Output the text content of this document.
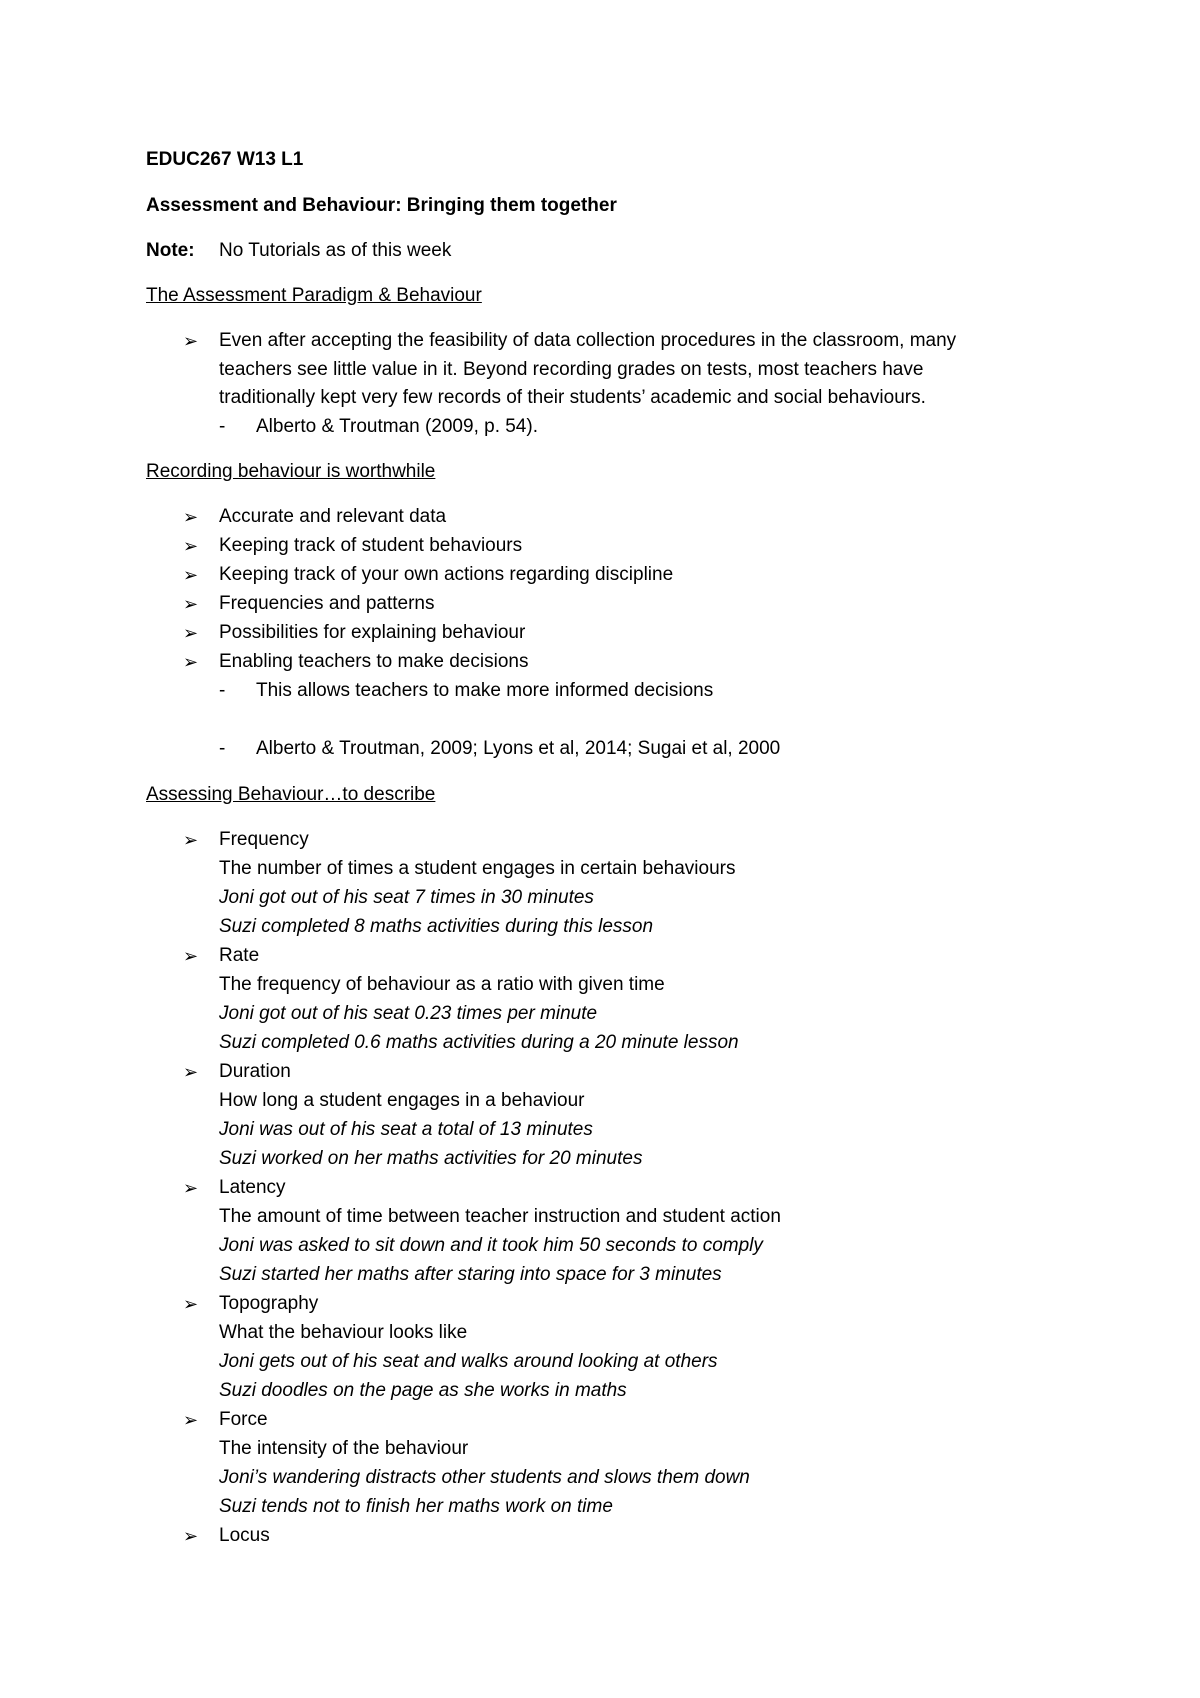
EDUC267 W13 L1
Assessment and Behaviour: Bringing them together
Note: No Tutorials as of this week
The Assessment Paradigm & Behaviour
➢ Even after accepting the feasibility of data collection procedures in the classroom, many
teachers see little value in it. Beyond recording grades on tests, most teachers have
traditionally kept very few records of their students’ academic and social behaviours.
- Alberto & Troutman (2009, p. 54).
Recording behaviour is worthwhile
➢ Accurate and relevant data
➢ Keeping track of student behaviours
➢ Keeping track of your own actions regarding discipline
➢ Frequencies and patterns
➢ Possibilities for explaining behaviour
➢ Enabling teachers to make decisions
- This allows teachers to make more informed decisions
- Alberto & Troutman, 2009; Lyons et al, 2014; Sugai et al, 2000
Assessing Behaviour…to describe
➢ Frequency
The number of times a student engages in certain behaviours
Joni got out of his seat 7 times in 30 minutes
Suzi completed 8 maths activities during this lesson
➢ Rate
The frequency of behaviour as a ratio with given time
Joni got out of his seat 0.23 times per minute
Suzi completed 0.6 maths activities during a 20 minute lesson
➢ Duration
How long a student engages in a behaviour
Joni was out of his seat a total of 13 minutes
Suzi worked on her maths activities for 20 minutes
➢ Latency
The amount of time between teacher instruction and student action
Joni was asked to sit down and it took him 50 seconds to comply
Suzi started her maths after staring into space for 3 minutes
➢ Topography
What the behaviour looks like
Joni gets out of his seat and walks around looking at others
Suzi doodles on the page as she works in maths
➢ Force
The intensity of the behaviour
Joni’s wandering distracts other students and slows them down
Suzi tends not to finish her maths work on time
➢ Locus
